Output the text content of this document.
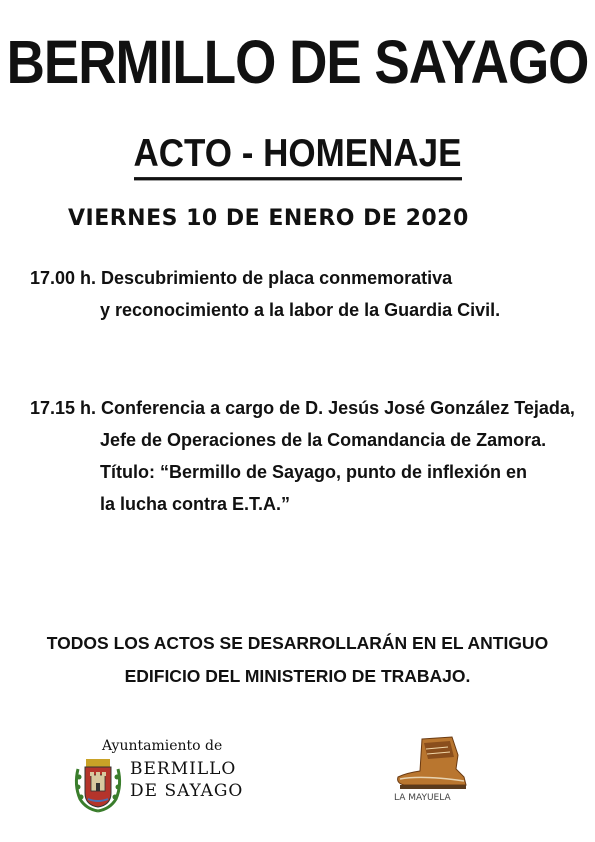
BERMILLO DE SAYAGO
ACTO - HOMENAJE
VIERNES 10 DE ENERO DE 2020
17.00 h. Descubrimiento de placa conmemorativa
y reconocimiento a la labor de la Guardia Civil.
17.15 h. Conferencia a cargo de D. Jesús José González Tejada,
Jefe de Operaciones de la Comandancia de Zamora.
Título: “Bermillo de Sayago, punto de inflexión en
la lucha contra E.T.A.”
TODOS LOS ACTOS SE DESARROLLARÁN EN EL ANTIGUO
EDIFICIO DEL MINISTERIO DE TRABAJO.
Ayuntamiento de
BERMILLO
DE SAYAGO	LA MAYUELA
